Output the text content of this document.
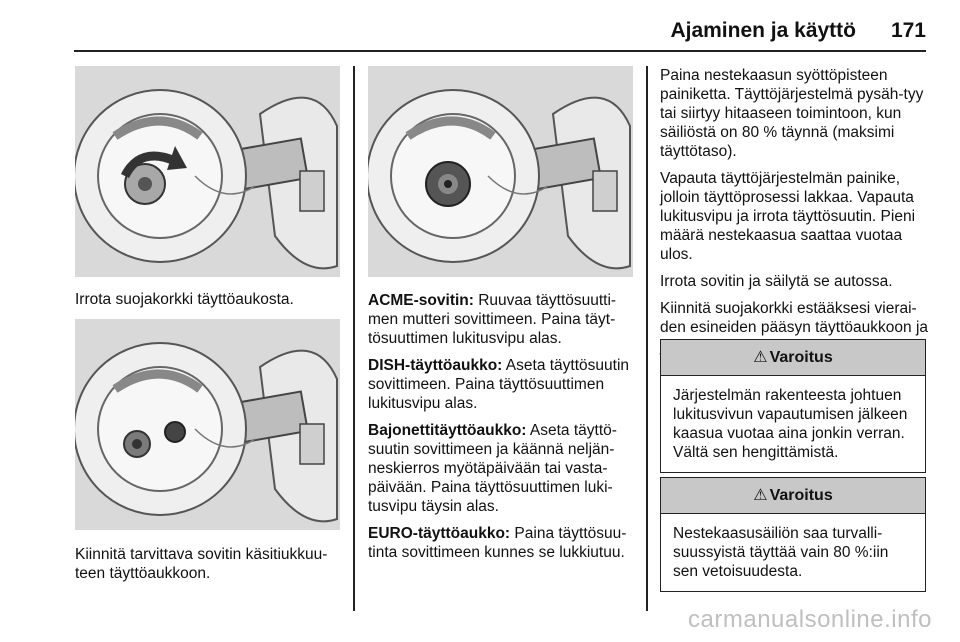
Ajaminen ja käyttö 171
Irrota suojakorkki täyttöaukosta.
Kiinnitä tarvittava sovitin käsitiukkuu-teen täyttöaukkoon.

ACME-sovitin: Ruuvaa täyttösuutti-men mutteri sovittimeen. Paina täyt-tösuuttimen lukitusvipu alas.

DISH-täyttöaukko: Aseta täyttösuutin sovittimeen. Paina täyttösuuttimen lukitusvipu alas.

Bajonettitäyttöaukko: Aseta täyttö-suutin sovittimeen ja käännä neljän-neskierros myötäpäivään tai vasta-päivään. Paina täyttösuuttimen luki-tusvipu täysin alas.

EURO-täyttöaukko: Paina täyttösuu-tinta sovittimeen kunnes se lukkiutuu.

Paina nestekaasun syöttöpisteen painiketta. Täyttöjärjestelmä pysäh-tyy tai siirtyy hitaaseen toimintoon, kun säiliöstä on 80 % täynnä (maksimi täyttötaso).

Vapauta täyttöjärjestelmän painike, jolloin täyttöprosessi lakkaa. Vapauta lukitusvipu ja irrota täyttösuutin. Pieni määrä nestekaasua saattaa vuotaa ulos.

Irrota sovitin ja säilytä se autossa.

Kiinnitä suojakorkki estääksesi vierai-den esineiden pääsyn täyttöaukkoon ja

⚠ Varoitus
Järjestelmän rakenteesta johtuen lukitusvivun vapautumisen jälkeen kaasua vuotaa aina jonkin verran. Vältä sen hengittämistä.
⚠ Varoitus
Nestekaasusäiliön saa turvalli-suussyistä täyttää vain 80 %:iin sen vetoisuudesta.
carmanualsonline.info
